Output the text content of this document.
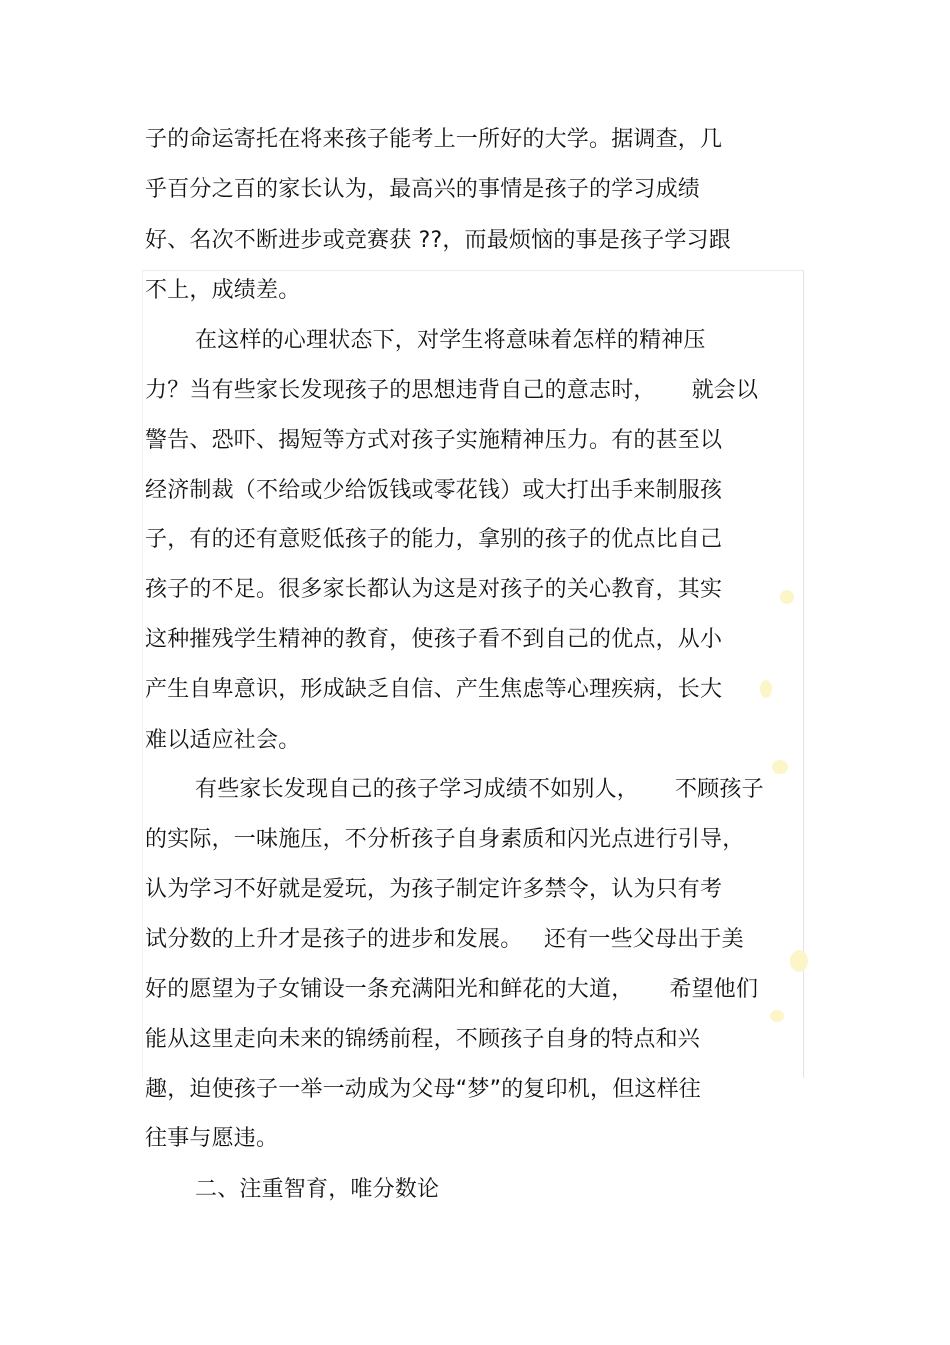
子的命运寄托在将来孩子能考上一所好的大学。据调查，几
乎百分之百的家长认为，最高兴的事情是孩子的学习成绩
好、名次不断进步或竞赛获 ??，而最烦恼的事是孩子学习跟
不上，成绩差。
在这样的心理状态下，对学生将意味着怎样的精神压
力？当有些家长发现孩子的思想违背自己的意志时，     就会以
警告、恐吓、揭短等方式对孩子实施精神压力。有的甚至以
经济制裁（不给或少给饭钱或零花钱）或大打出手来制服孩
子，有的还有意贬低孩子的能力，拿别的孩子的优点比自己
孩子的不足。很多家长都认为这是对孩子的关心教育，其实
这种摧残学生精神的教育，使孩子看不到自己的优点，从小
产生自卑意识，形成缺乏自信、产生焦虑等心理疾病，长大
难以适应社会。
有些家长发现自己的孩子学习成绩不如别人，     不顾孩子
的实际，一味施压，不分析孩子自身素质和闪光点进行引导，
认为学习不好就是爱玩，为孩子制定许多禁令，认为只有考
试分数的上升才是孩子的进步和发展。   还有一些父母出于美
好的愿望为子女铺设一条充满阳光和鲜花的大道，     希望他们
能从这里走向未来的锦绣前程，不顾孩子自身的特点和兴
趣，迫使孩子一举一动成为父母“梦”的复印机，但这样往
往事与愿违。
二、注重智育，唯分数论
